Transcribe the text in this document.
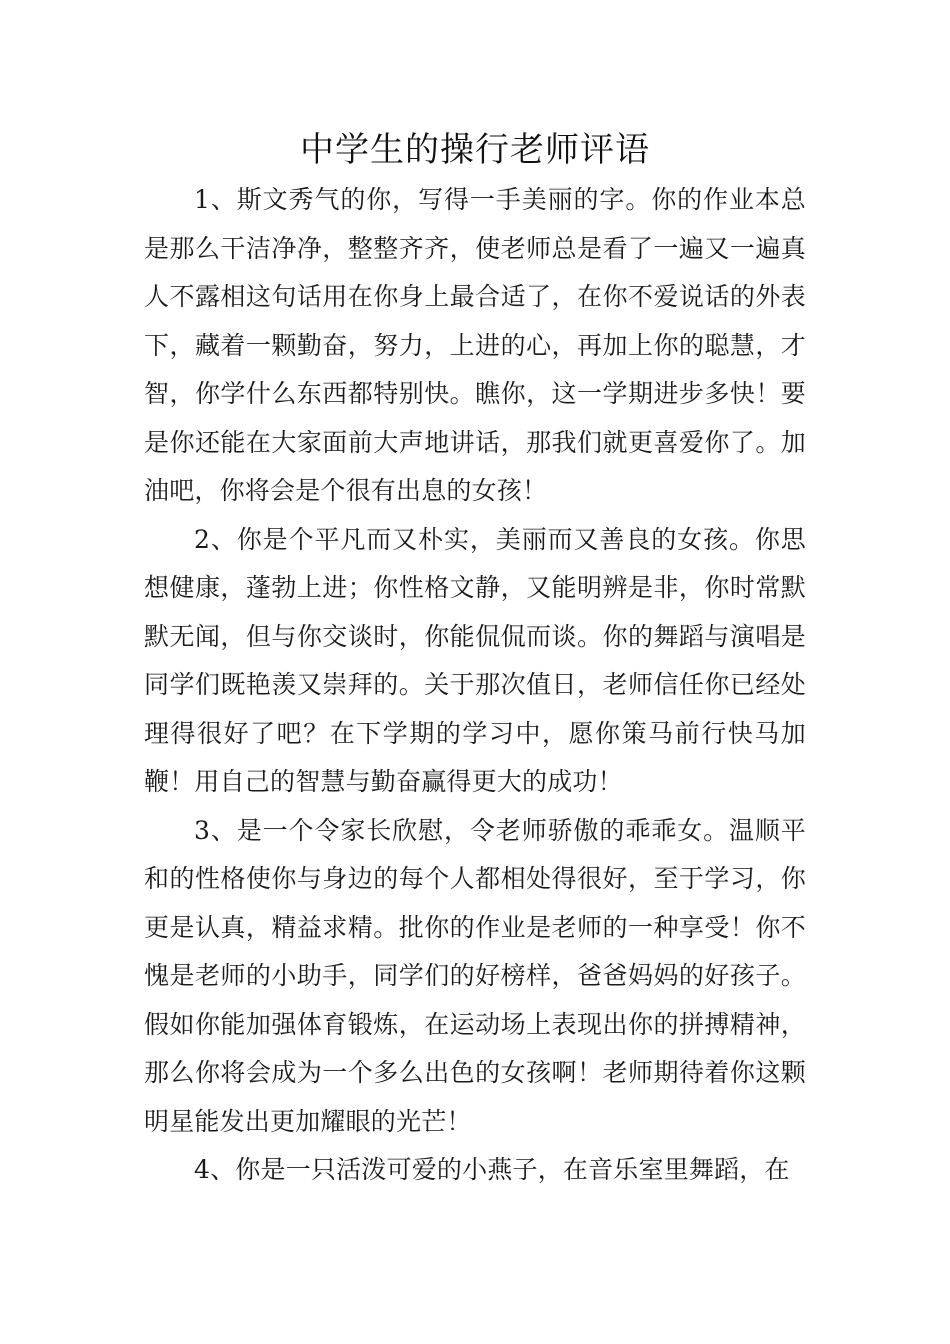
中学生的操行老师评语

1、斯文秀气的你，写得一手美丽的字。你的作业本总是那么干洁净净，整整齐齐，使老师总是看了一遍又一遍真人不露相这句话用在你身上最合适了，在你不爱说话的外表下，藏着一颗勤奋，努力，上进的心，再加上你的聪慧，才智，你学什么东西都特别快。瞧你，这一学期进步多快！要是你还能在大家面前大声地讲话，那我们就更喜爱你了。加油吧，你将会是个很有出息的女孩！

2、你是个平凡而又朴实，美丽而又善良的女孩。你思想健康，蓬勃上进；你性格文静，又能明辨是非，你时常默默无闻，但与你交谈时，你能侃侃而谈。你的舞蹈与演唱是同学们既艳羡又崇拜的。关于那次值日，老师信任你已经处理得很好了吧？在下学期的学习中，愿你策马前行快马加鞭！用自己的智慧与勤奋赢得更大的成功！

3、是一个令家长欣慰，令老师骄傲的乖乖女。温顺平和的性格使你与身边的每个人都相处得很好，至于学习，你更是认真，精益求精。批你的作业是老师的一种享受！你不愧是老师的小助手，同学们的好榜样，爸爸妈妈的好孩子。假如你能加强体育锻炼，在运动场上表现出你的拼搏精神，那么你将会成为一个多么出色的女孩啊！老师期待着你这颗明星能发出更加耀眼的光芒！

4、你是一只活泼可爱的小燕子，在音乐室里舞蹈，在
